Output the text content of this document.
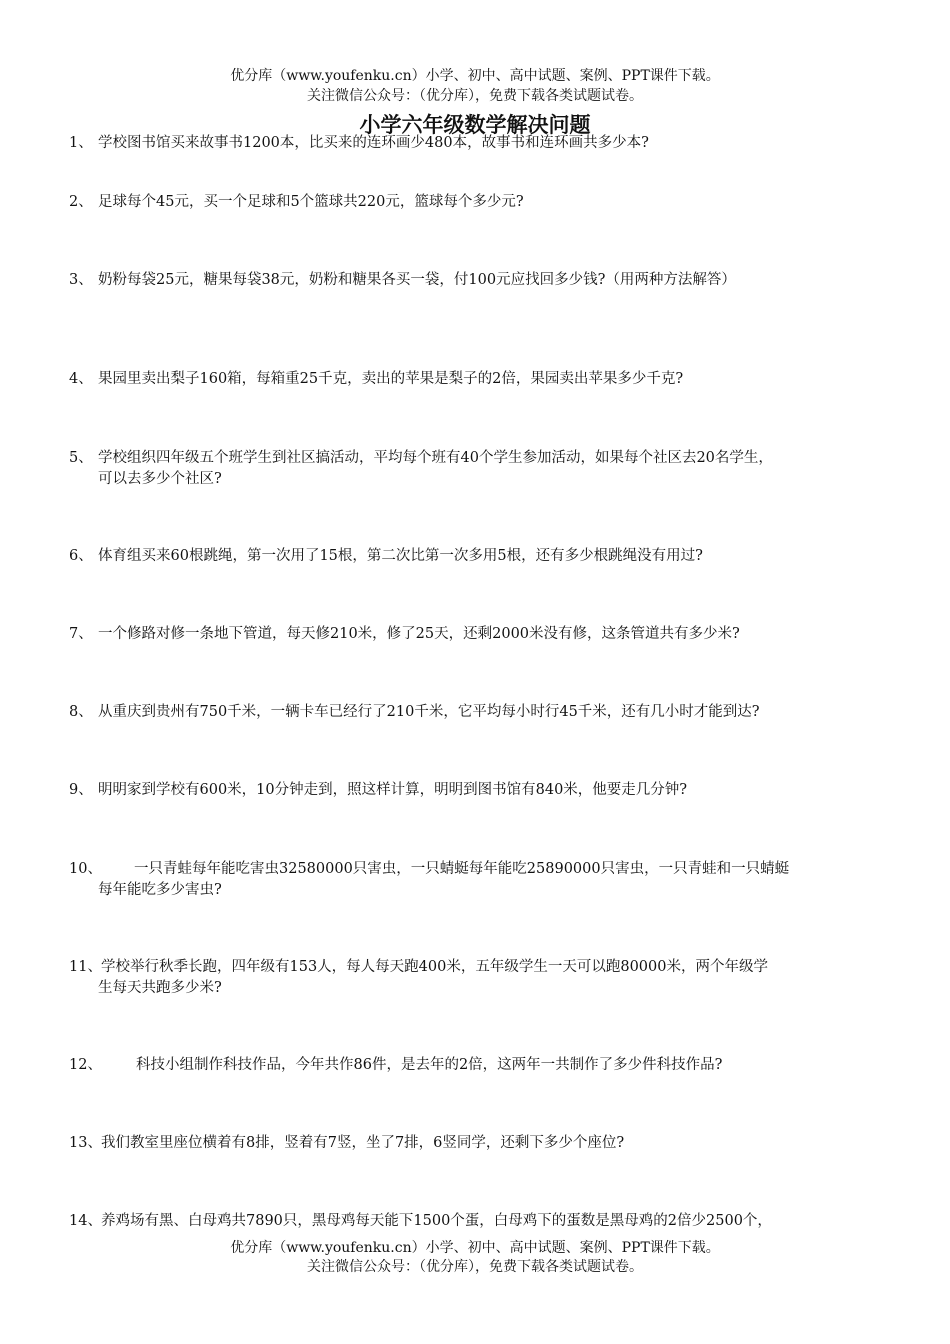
优分库（www.youfenku.cn）小学、初中、高中试题、案例、PPT课件下载。
关注微信公众号：（优分库），免费下载各类试题试卷。
小学六年级数学解决问题
1、 学校图书馆买来故事书1200本，比买来的连环画少480本，故事书和连环画共多少本?
2、 足球每个45元，买一个足球和5个篮球共220元，篮球每个多少元?
3、 奶粉每袋25元，糖果每袋38元，奶粉和糖果各买一袋，付100元应找回多少钱?（用两种方法解答）
4、 果园里卖出梨子160箱，每箱重25千克，卖出的苹果是梨子的2倍，果园卖出苹果多少千克?
5、 学校组织四年级五个班学生到社区搞活动，平均每个班有40个学生参加活动，如果每个社区去20名学生，
可以去多少个社区?
6、 体育组买来60根跳绳，第一次用了15根，第二次比第一次多用5根，还有多少根跳绳没有用过?
7、 一个修路对修一条地下管道，每天修210米，修了25天，还剩2000米没有修，这条管道共有多少米?
8、 从重庆到贵州有750千米，一辆卡车已经行了210千米，它平均每小时行45千米，还有几小时才能到达?
9、 明明家到学校有600米，10分钟走到，照这样计算，明明到图书馆有840米，他要走几分钟?
10、 一只青蛙每年能吃害虫32580000只害虫，一只蜻蜓每年能吃25890000只害虫，一只青蛙和一只蜻蜓
每年能吃多少害虫?
11、学校举行秋季长跑，四年级有153人，每人每天跑400米，五年级学生一天可以跑80000米，两个年级学
生每天共跑多少米?
12、 科技小组制作科技作品，今年共作86件，是去年的2倍，这两年一共制作了多少件科技作品?
13、我们教室里座位横着有8排，竖着有7竖，坐了7排，6竖同学，还剩下多少个座位?
14、养鸡场有黑、白母鸡共7890只，黑母鸡每天能下1500个蛋，白母鸡下的蛋数是黑母鸡的2倍少2500个，
优分库（www.youfenku.cn）小学、初中、高中试题、案例、PPT课件下载。
关注微信公众号：（优分库），免费下载各类试题试卷。
